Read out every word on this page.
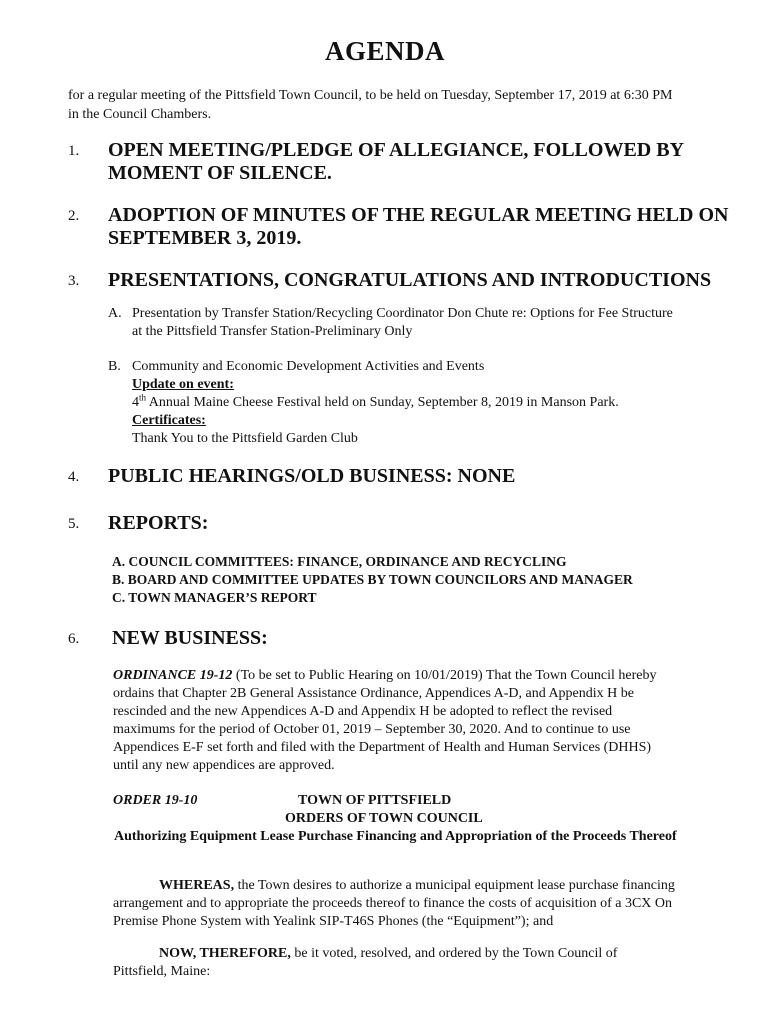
AGENDA
for a regular meeting of the Pittsfield Town Council, to be held on Tuesday, September 17, 2019 at 6:30 PM
in the Council Chambers.
1. OPEN MEETING/PLEDGE OF ALLEGIANCE, FOLLOWED BY
MOMENT OF SILENCE.
2. ADOPTION OF MINUTES OF THE REGULAR MEETING HELD ON
SEPTEMBER 3, 2019.
3. PRESENTATIONS, CONGRATULATIONS AND INTRODUCTIONS
A. Presentation by Transfer Station/Recycling Coordinator Don Chute re: Options for Fee Structure
at the Pittsfield Transfer Station-Preliminary Only
B. Community and Economic Development Activities and Events
Update on event:
4th Annual Maine Cheese Festival held on Sunday, September 8, 2019 in Manson Park.
Certificates:
Thank You to the Pittsfield Garden Club
4. PUBLIC HEARINGS/OLD BUSINESS: NONE
5. REPORTS:
A. COUNCIL COMMITTEES: FINANCE, ORDINANCE AND RECYCLING
B. BOARD AND COMMITTEE UPDATES BY TOWN COUNCILORS AND MANAGER
C. TOWN MANAGER’S REPORT
6. NEW BUSINESS:
ORDINANCE 19-12 (To be set to Public Hearing on 10/01/2019) That the Town Council hereby
ordains that Chapter 2B General Assistance Ordinance, Appendices A-D, and Appendix H be
rescinded and the new Appendices A-D and Appendix H be adopted to reflect the revised
maximums for the period of October 01, 2019 – September 30, 2020. And to continue to use
Appendices E-F set forth and filed with the Department of Health and Human Services (DHHS)
until any new appendices are approved.
ORDER 19-10	TOWN OF PITTSFIELD
ORDERS OF TOWN COUNCIL
Authorizing Equipment Lease Purchase Financing and Appropriation of the Proceeds Thereof
WHEREAS, the Town desires to authorize a municipal equipment lease purchase financing
arrangement and to appropriate the proceeds thereof to finance the costs of acquisition of a 3CX On
Premise Phone System with Yealink SIP-T46S Phones (the “Equipment”); and
NOW, THEREFORE, be it voted, resolved, and ordered by the Town Council of
Pittsfield, Maine:
